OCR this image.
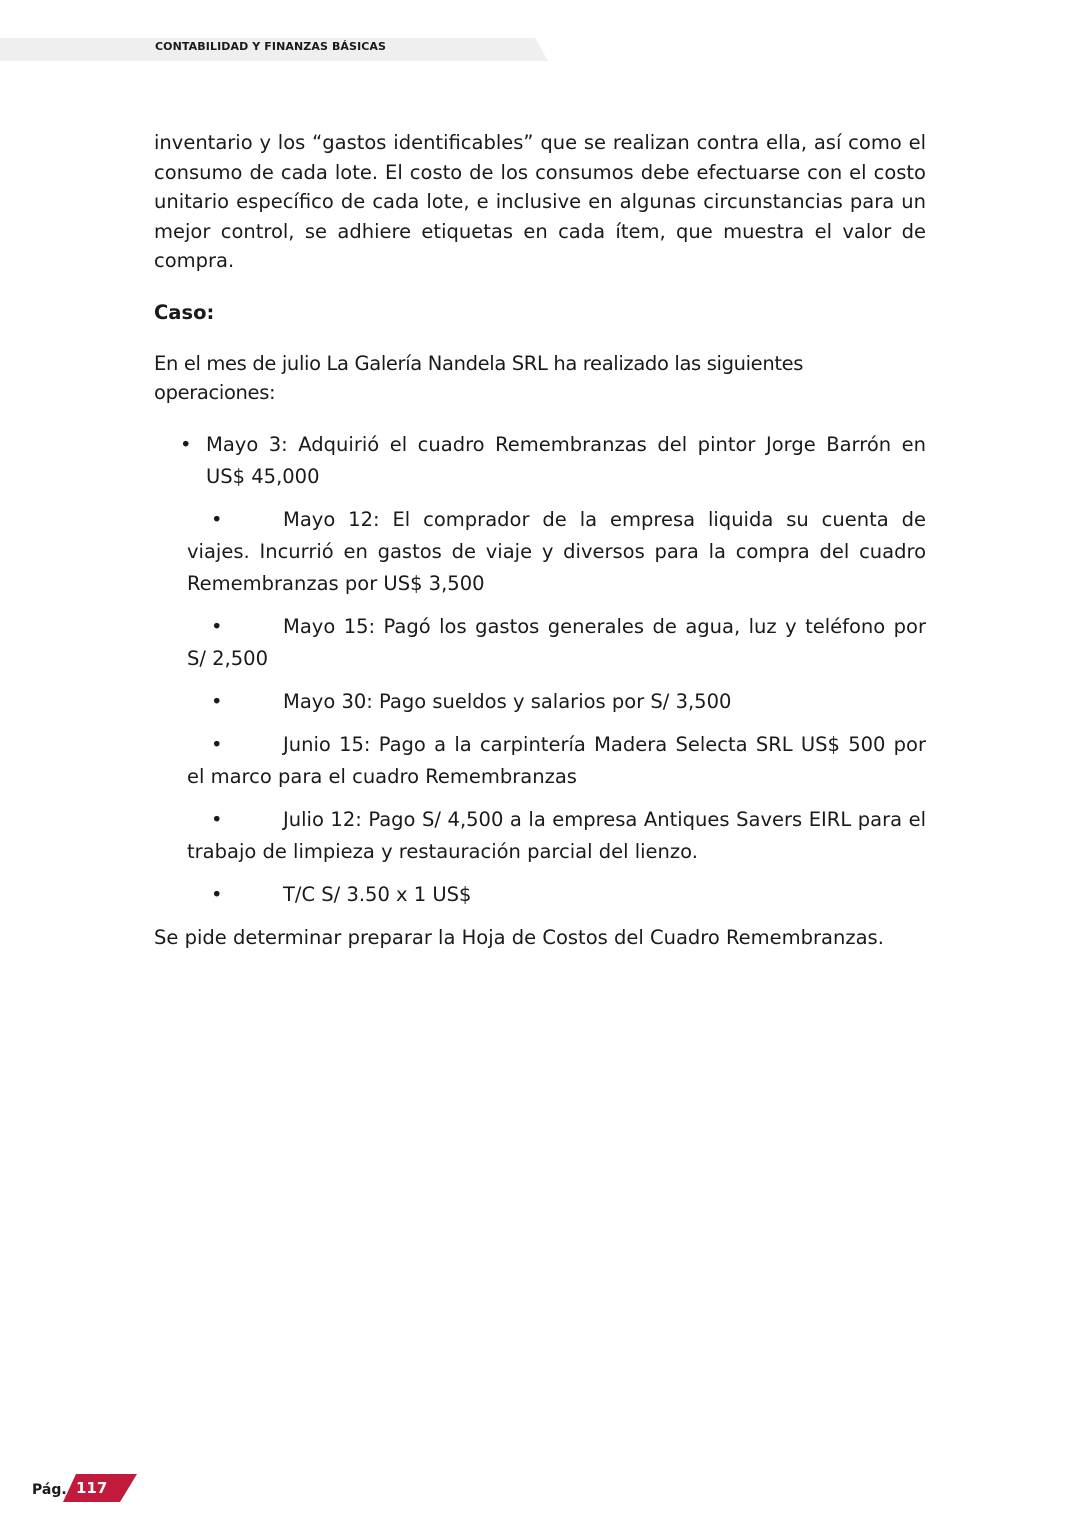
CONTABILIDAD Y FINANZAS BÁSICAS

inventario y los “gastos identificables” que se realizan contra ella, así como el consumo de cada lote. El costo de los consumos debe efectuarse con el costo unitario específico de cada lote, e inclusive en algunas circunstancias para un mejor control, se adhiere etiquetas en cada ítem, que muestra el valor de compra.

Caso:

En el mes de julio La Galería Nandela SRL ha realizado las siguientes operaciones:

• Mayo 3: Adquirió el cuadro Remembranzas del pintor Jorge Barrón en US$ 45,000
•	Mayo 12: El comprador de la empresa liquida su cuenta de viajes. Incurrió en gastos de viaje y diversos para la compra del cuadro Remembranzas por US$ 3,500
•	Mayo 15: Pagó los gastos generales de agua, luz y teléfono por S/ 2,500
•	Mayo 30: Pago sueldos y salarios por S/ 3,500
•	Junio 15: Pago a la carpintería Madera Selecta SRL US$ 500 por el marco para el cuadro Remembranzas
•	Julio 12: Pago S/ 4,500 a la empresa Antiques Savers EIRL para el trabajo de limpieza y restauración parcial del lienzo.
•	T/C S/ 3.50 x 1 US$

Se pide determinar preparar la Hoja de Costos del Cuadro Remembranzas.

Pág. 117
